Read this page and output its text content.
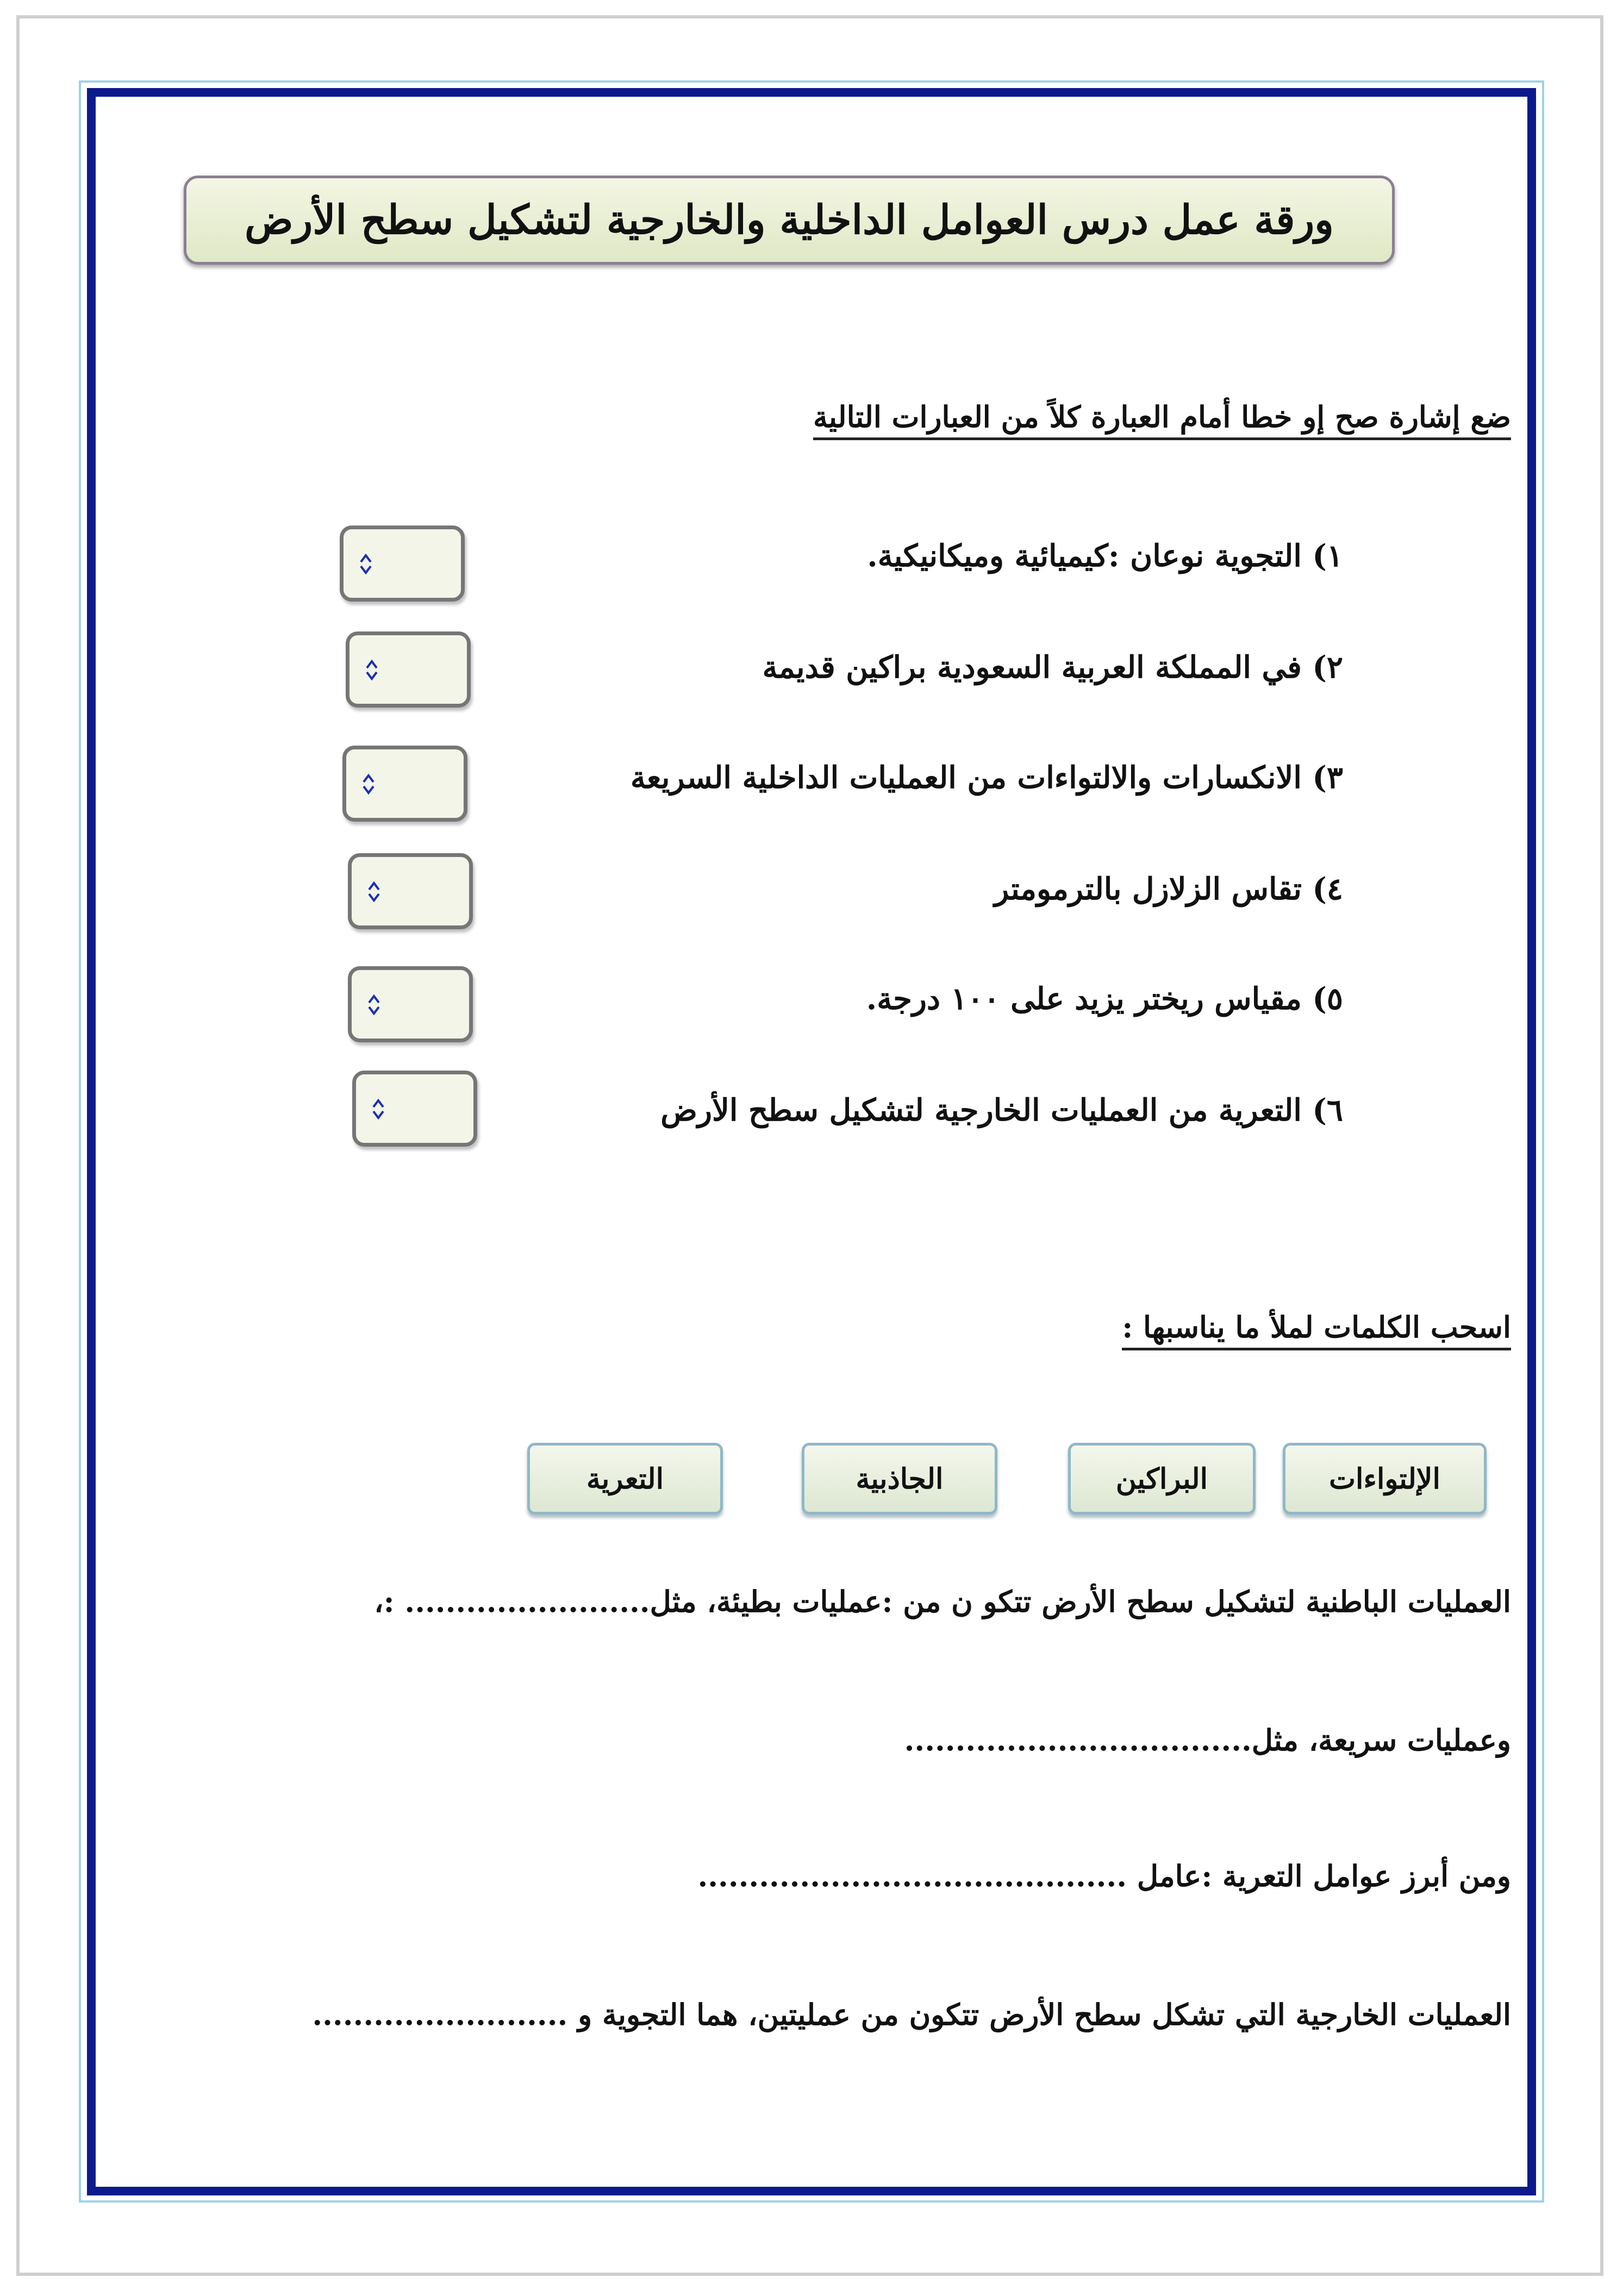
ورقة عمل درس العوامل الداخلية والخارجية لتشكيل سطح الأرض
ضع إشارة صح إو خطا أمام العبارة كلاً من العبارات التالية
١) التجوية نوعان :كيميائية وميكانيكية.
٢) في المملكة العربية السعودية براكين قديمة
٣) الانكسارات والالتواءات من العمليات الداخلية السريعة
٤) تقاس الزلازل بالترمومتر
٥) مقياس ريختر يزيد على ١٠٠ درجة.
٦) التعرية من العمليات الخارجية لتشكيل سطح الأرض
اسحب الكلمات لملأ ما يناسبها :
الإلتواءات
البراكين
الجاذبية
التعرية
العمليات الباطنية لتشكيل سطح الأرض تتكو ن من :عمليات بطيئة، مثل........................ :،
وعمليات سريعة، مثل..................................
ومن أبرز عوامل التعرية :عامل ..........................................
العمليات الخارجية التي تشكل سطح الأرض تتكون من عمليتين، هما التجوية و .........................
